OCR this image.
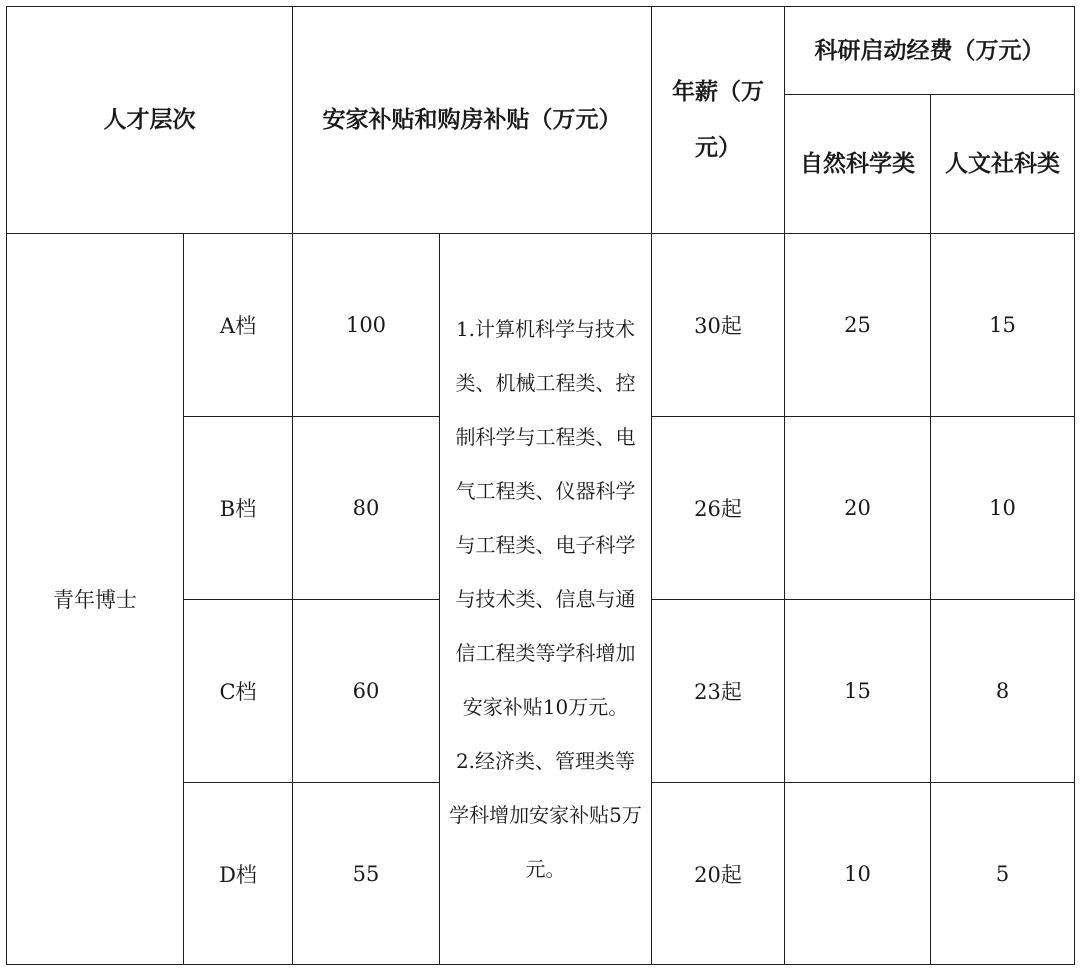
人才层次		安家补贴和购房补贴（万元）		年薪（万元）	科研启动经费（万元）	

					自然科学类	人文社科类

青年博士	A档	100	1.计算机科学与技术类、机械工程类、控制科学与工程类、电气工程类、仪器科学与工程类、电子科学与技术类、信息与通信工程类等学科增加安家补贴10万元。
2.经济类、管理类等学科增加安家补贴5万元。	30起	25	15
	B档	80		26起	20	10
	C档	60		23起	15	8
	D档	55		20起	10	5
